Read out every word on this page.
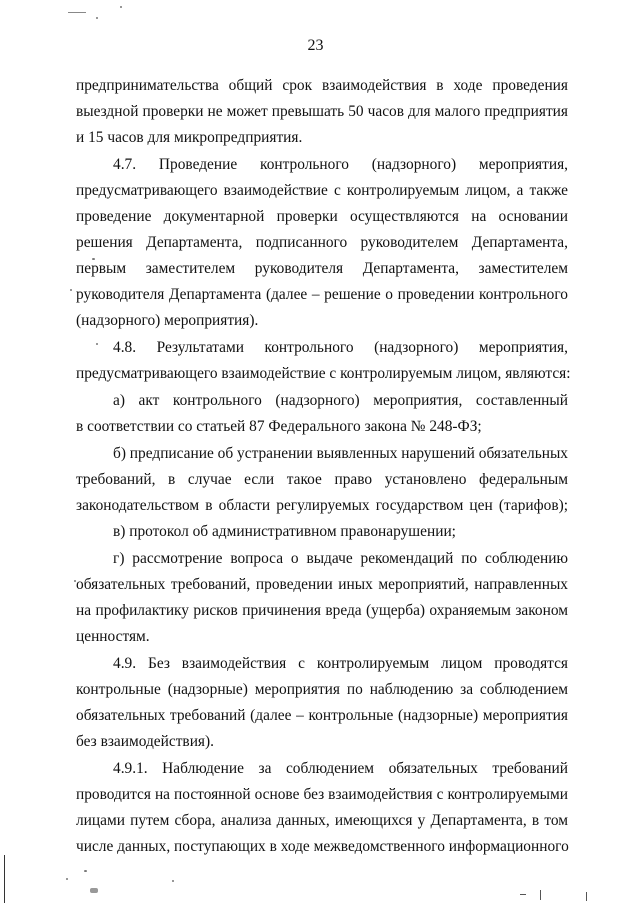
23
предпринимательства общий срок взаимодействия в ходе проведения
выездной проверки не может превышать 50 часов для малого предприятия
и 15 часов для микропредприятия.
4.7. Проведение контрольного (надзорного) мероприятия,
предусматривающего взаимодействие с контролируемым лицом, а также
проведение документарной проверки осуществляются на основании
решения Департамента, подписанного руководителем Департамента,
первым заместителем руководителя Департамента, заместителем
руководителя Департамента (далее – решение о проведении контрольного
(надзорного) мероприятия).
4.8. Результатами контрольного (надзорного) мероприятия,
предусматривающего взаимодействие с контролируемым лицом, являются:
а) акт контрольного (надзорного) мероприятия, составленный
в соответствии со статьей 87 Федерального закона № 248-ФЗ;
б) предписание об устранении выявленных нарушений обязательных
требований, в случае если такое право установлено федеральным
законодательством в области регулируемых государством цен (тарифов);
в) протокол об административном правонарушении;
г) рассмотрение вопроса о выдаче рекомендаций по соблюдению
обязательных требований, проведении иных мероприятий, направленных
на профилактику рисков причинения вреда (ущерба) охраняемым законом
ценностям.
4.9. Без взаимодействия с контролируемым лицом проводятся
контрольные (надзорные) мероприятия по наблюдению за соблюдением
обязательных требований (далее – контрольные (надзорные) мероприятия
без взаимодействия).
4.9.1. Наблюдение за соблюдением обязательных требований
проводится на постоянной основе без взаимодействия с контролируемыми
лицами путем сбора, анализа данных, имеющихся у Департамента, в том
числе данных, поступающих в ходе межведомственного информационного
